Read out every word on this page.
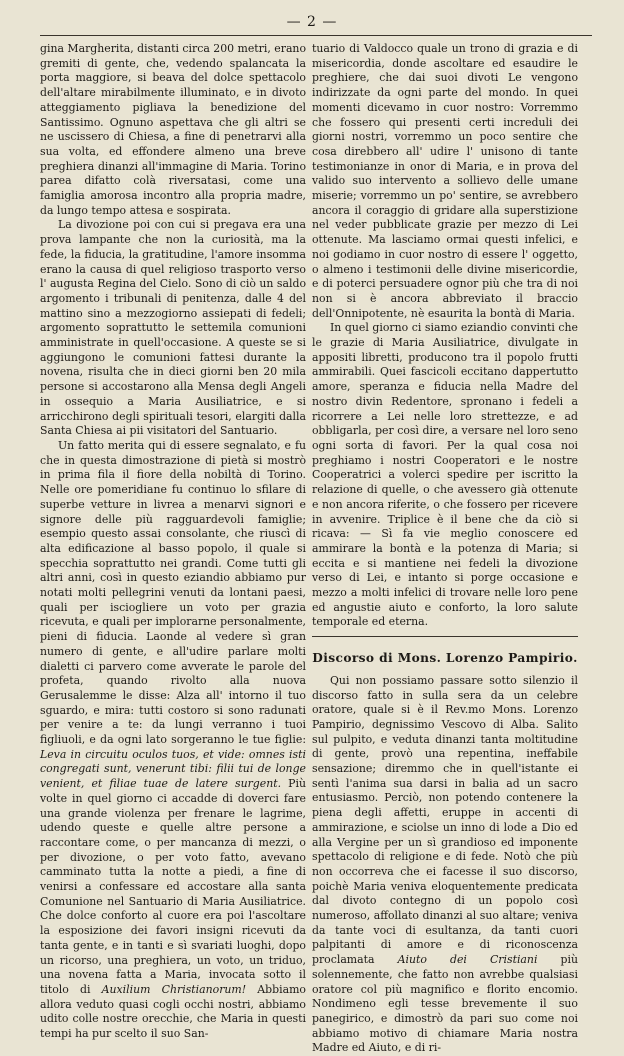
— 2 —

gina Margherita, distanti circa 200 metri, erano gremiti di gente, che, vedendo spalancata la porta maggiore, si beava del dolce spettacolo dell'altare mirabilmente illuminato, e in divoto atteggiamento pigliava la benedizione del Santissimo. Ognuno aspettava che gli altri se ne uscissero di Chiesa, a fine di penetrarvi alla sua volta, ed effondere almeno una breve preghiera dinanzi all'immagine di Maria. Torino parea difatto colà riversatasi, come una famiglia amorosa incontro alla propria madre, da lungo tempo attesa e sospirata.

La divozione poi con cui si pregava era una prova lampante che non la curiosità, ma la fede, la fiducia, la gratitudine, l'amore insomma erano la causa di quel religioso trasporto verso l' augusta Regina del Cielo. Sono di ciò un saldo argomento i tribunali di penitenza, dalle 4 del mattino sino a mezzogiorno assiepati di fedeli; argomento soprattutto le settemila comunioni amministrate in quell'occasione. A queste se si aggiungono le comunioni fattesi durante la novena, risulta che in dieci giorni ben 20 mila persone si accostarono alla Mensa degli Angeli in ossequio a Maria Ausiliatrice, e si arricchirono degli spirituali tesori, elargiti dalla Santa Chiesa ai pii visitatori del Santuario.

Un fatto merita qui di essere segnalato, e fu che in questa dimostrazione di pietà si mostrò in prima fila il fiore della nobiltà di Torino. Nelle ore pomeridiane fu continuo lo sfilare di superbe vetture in livrea a menarvi signori e signore delle più ragguardevoli famiglie; esempio questo assai consolante, che riuscì di alta edificazione al basso popolo, il quale si specchia soprattutto nei grandi. Come tutti gli altri anni, così in questo eziandio abbiamo pur notati molti pellegrini venuti da lontani paesi, quali per isciogliere un voto per grazia ricevuta, e quali per implorarne personalmente, pieni di fiducia. Laonde al vedere sì gran numero di gente, e all'udire parlare molti dialetti ci parvero come avverate le parole del profeta, quando rivolto alla nuova Gerusalemme le disse: Alza all' intorno il tuo sguardo, e mira: tutti costoro si sono radunati per venire a te: da lungi verranno i tuoi figliuoli, e da ogni lato sorgeranno le tue figlie: Leva in circuitu oculos tuos, et vide: omnes isti congregati sunt, venerunt tibi: filii tui de longe venient, et filiae tuae de latere surgent. Più volte in quel giorno ci accadde di doverci fare una grande violenza per frenare le lagrime, udendo queste e quelle altre persone a raccontare come, o per mancanza di mezzi, o per divozione, o per voto fatto, avevano camminato tutta la notte a piedi, a fine di venirsi a confessare ed accostare alla santa Comunione nel Santuario di Maria Ausiliatrice. Che dolce conforto al cuore era poi l'ascoltare la esposizione dei favori insigni ricevuti da tanta gente, e in tanti e sì svariati luoghi, dopo un ricorso, una preghiera, un voto, un triduo, una novena fatta a Maria, invocata sotto il titolo di Auxilium Christianorum! Abbiamo allora veduto quasi cogli occhi nostri, abbiamo udito colle nostre orecchie, che Maria in questi tempi ha pur scelto il suo San-

tuario di Valdocco quale un trono di grazia e di misericordia, donde ascoltare ed esaudire le preghiere, che dai suoi divoti Le vengono indirizzate da ogni parte del mondo. In quei momenti dicevamo in cuor nostro: Vorremmo che fossero qui presenti certi increduli dei giorni nostri, vorremmo un poco sentire che cosa direbbero all' udire l' unisono di tante testimonianze in onor di Maria, e in prova del valido suo intervento a sollievo delle umane miserie; vorremmo un po' sentire, se avrebbero ancora il coraggio di gridare alla superstizione nel veder pubblicate grazie per mezzo di Lei ottenute. Ma lasciamo ormai questi infelici, e noi godiamo in cuor nostro di essere l' oggetto, o almeno i testimonii delle divine misericordie, e di poterci persuadere ognor più che tra di noi non si è ancora abbreviato il braccio dell'Onnipotente, nè esaurita la bontà di Maria.

In quel giorno ci siamo eziandio convinti che le grazie di Maria Ausiliatrice, divulgate in appositi libretti, producono tra il popolo frutti ammirabili. Quei fascicoli eccitano dappertutto amore, speranza e fiducia nella Madre del nostro divin Redentore, spronano i fedeli a ricorrere a Lei nelle loro strettezze, e ad obbligarla, per così dire, a versare nel loro seno ogni sorta di favori. Per la qual cosa noi preghiamo i nostri Cooperatori e le nostre Cooperatrici a volerci spedire per iscritto la relazione di quelle, o che avessero già ottenute e non ancora riferite, o che fossero per ricevere in avvenire. Triplice è il bene che da ciò si ricava: — Sì fa vie meglio conoscere ed ammirare la bontà e la potenza di Maria; si eccita e si mantiene nei fedeli la divozione verso di Lei, e intanto si porge occasione e mezzo a molti infelici di trovare nelle loro pene ed angustie aiuto e conforto, la loro salute temporale ed eterna.

Discorso di Mons. Lorenzo Pampirio.

Qui non possiamo passare sotto silenzio il discorso fatto in sulla sera da un celebre oratore, quale si è il Rev.mo Mons. Lorenzo Pampirio, degnissimo Vescovo di Alba. Salito sul pulpito, e veduta dinanzi tanta moltitudine di gente, provò una repentina, ineffabile sensazione; diremmo che in quell'istante ei sentì l'anima sua darsi in balia ad un sacro entusiasmo. Perciò, non potendo contenere la piena degli affetti, eruppe in accenti di ammirazione, e sciolse un inno di lode a Dio ed alla Vergine per un sì grandioso ed imponente spettacolo di religione e di fede. Notò che più non occorreva che ei facesse il suo discorso, poichè Maria veniva eloquentemente predicata dal divoto contegno di un popolo così numeroso, affollato dinanzi al suo altare; veniva da tante voci di esultanza, da tanti cuori palpitanti di amore e di riconoscenza proclamata Aiuto dei Cristiani più solennemente, che fatto non avrebbe qualsiasi oratore col più magnifico e florito encomio. Nondimeno egli tesse brevemente il suo panegirico, e dimostrò da pari suo come noi abbiamo motivo di chiamare Maria nostra Madre ed Aiuto, e di ri-
